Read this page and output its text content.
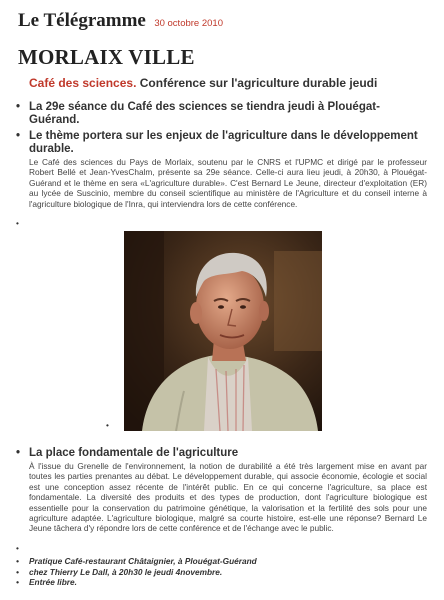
Le Télégramme 30 octobre 2010
MORLAIX VILLE
Café des sciences. Conférence sur l'agriculture durable jeudi
• La 29e séance du Café des sciences se tiendra jeudi à Plouégat-Guérand.
• Le thème portera sur les enjeux de l'agriculture dans le développement durable.
Le Café des sciences du Pays de Morlaix, soutenu par le CNRS et l'UPMC et dirigé par le professeur Robert Bellé et Jean-YvesChalm, présente sa 29e séance. Celle-ci aura lieu jeudi, à 20h30, à Plouégat-Guérand et le thème en sera «L'agriculture durable». C'est Bernard Le Jeune, directeur d'exploitation (ER) au lycée de Suscinio, membre du conseil scientifique au ministère de l'Agriculture et du conseil interne à l'agriculture biologique de l'Inra, qui interviendra lors de cette conférence.
•
•
• La place fondamentale de l'agriculture
À l'issue du Grenelle de l'environnement, la notion de durabilité a été très largement mise en avant par toutes les parties prenantes au débat. Le développement durable, qui associe économie, écologie et social est une conception assez récente de l'intérêt public. En ce qui concerne l'agriculture, sa place est fondamentale. La diversité des produits et des types de production, dont l'agriculture biologique est essentielle pour la conservation du patrimoine génétique, la valorisation et la fertilité des sols pour une agriculture adaptée. L'agriculture biologique, malgré sa courte histoire, est-elle une réponse? Bernard Le Jeune tâchera d'y répondre lors de cette conférence et de l'échange avec le public.
•
• Pratique Café-restaurant Châtaignier, à Plouégat-Guérand
• chez Thierry Le Dall, à 20h30 le jeudi 4novembre.
• Entrée libre.
